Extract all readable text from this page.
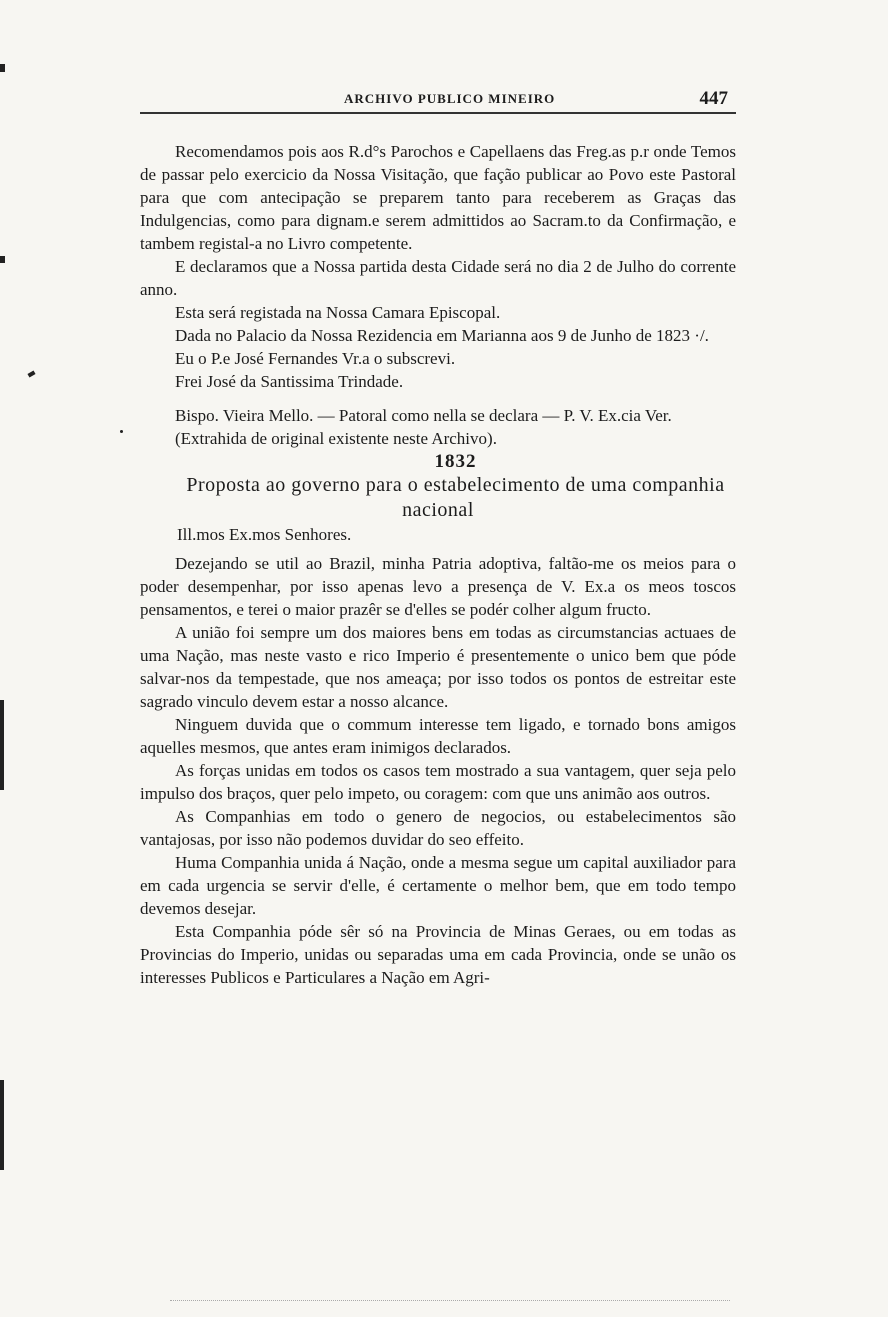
ARCHIVO PUBLICO MINEIRO	447

Recomendamos pois aos R.d°s Parochos e Capellaens das Freg.as p.r onde Temos de passar pelo exercicio da Nossa Visitação, que fação publicar ao Povo este Pastoral para que com antecipação se preparem tanto para receberem as Graças das Indulgencias, como para dignam.e serem admittidos ao Sacram.to da Confirmação, e tambem registal-a no Livro competente.

E declaramos que a Nossa partida desta Cidade será no dia 2 de Julho do corrente anno.

Esta será registada na Nossa Camara Episcopal.

Dada no Palacio da Nossa Rezidencia em Marianna aos 9 de Junho de 1823 ·/.

Eu o P.e José Fernandes Vr.a o subscrevi.

Frei José da Santissima Trindade.

Bispo. Vieira Mello. — Patoral como nella se declara — P. V. Ex.cia Ver.

(Extrahida de original existente neste Archivo).

1832

Proposta ao governo para o estabelecimento de uma companhia nacional

Ill.mos Ex.mos Senhores.

Dezejando se util ao Brazil, minha Patria adoptiva, faltão-me os meios para o poder desempenhar, por isso apenas levo a presença de V. Ex.a os meos toscos pensamentos, e terei o maior prazêr se d'elles se podér colher algum fructo.

A união foi sempre um dos maiores bens em todas as circumstancias actuaes de uma Nação, mas neste vasto e rico Imperio é presentemente o unico bem que póde salvar-nos da tempestade, que nos ameaça; por isso todos os pontos de estreitar este sagrado vinculo devem estar a nosso alcance.

Ninguem duvida que o commum interesse tem ligado, e tornado bons amigos aquelles mesmos, que antes eram inimigos declarados.

As forças unidas em todos os casos tem mostrado a sua vantagem, quer seja pelo impulso dos braços, quer pelo impeto, ou coragem: com que uns animão aos outros.

As Companhias em todo o genero de negocios, ou estabelecimentos são vantajosas, por isso não podemos duvidar do seo effeito.

Huma Companhia unida á Nação, onde a mesma segue um capital auxiliador para em cada urgencia se servir d'elle, é certamente o melhor bem, que em todo tempo devemos desejar.

Esta Companhia póde sêr só na Provincia de Minas Geraes, ou em todas as Provincias do Imperio, unidas ou separadas uma em cada Provincia, onde se unão os interesses Publicos e Particulares a Nação em Agri-
